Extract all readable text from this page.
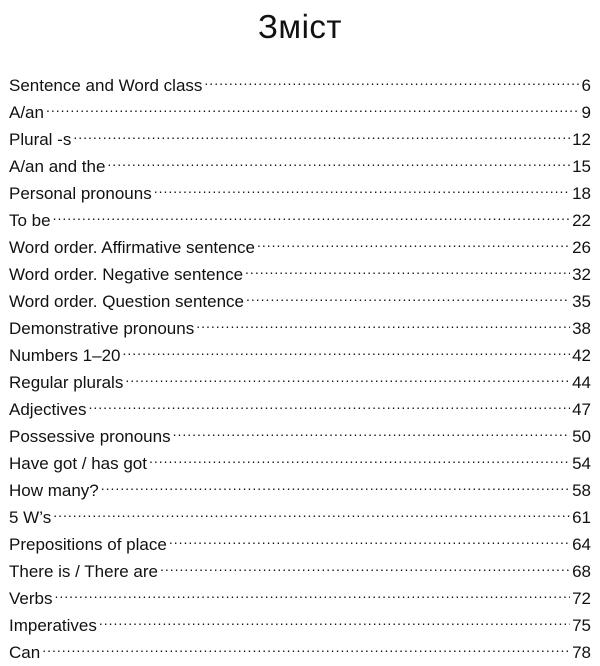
Зміст
Sentence and Word class .....	6
A/an .....	9
Plural -s .....	12
A/an and the .....	15
Personal pronouns .....	18
To be .....	22
Word order. Affirmative sentence .....	26
Word order. Negative sentence .....	32
Word order. Question sentence .....	35
Demonstrative pronouns .....	38
Numbers 1–20 .....	42
Regular plurals .....	44
Adjectives .....	47
Possessive pronouns .....	50
Have got / has got .....	54
How many? .....	58
5 W’s .....	61
Prepositions of place .....	64
There is / There are .....	68
Verbs .....	72
Imperatives .....	75
Can .....	78
